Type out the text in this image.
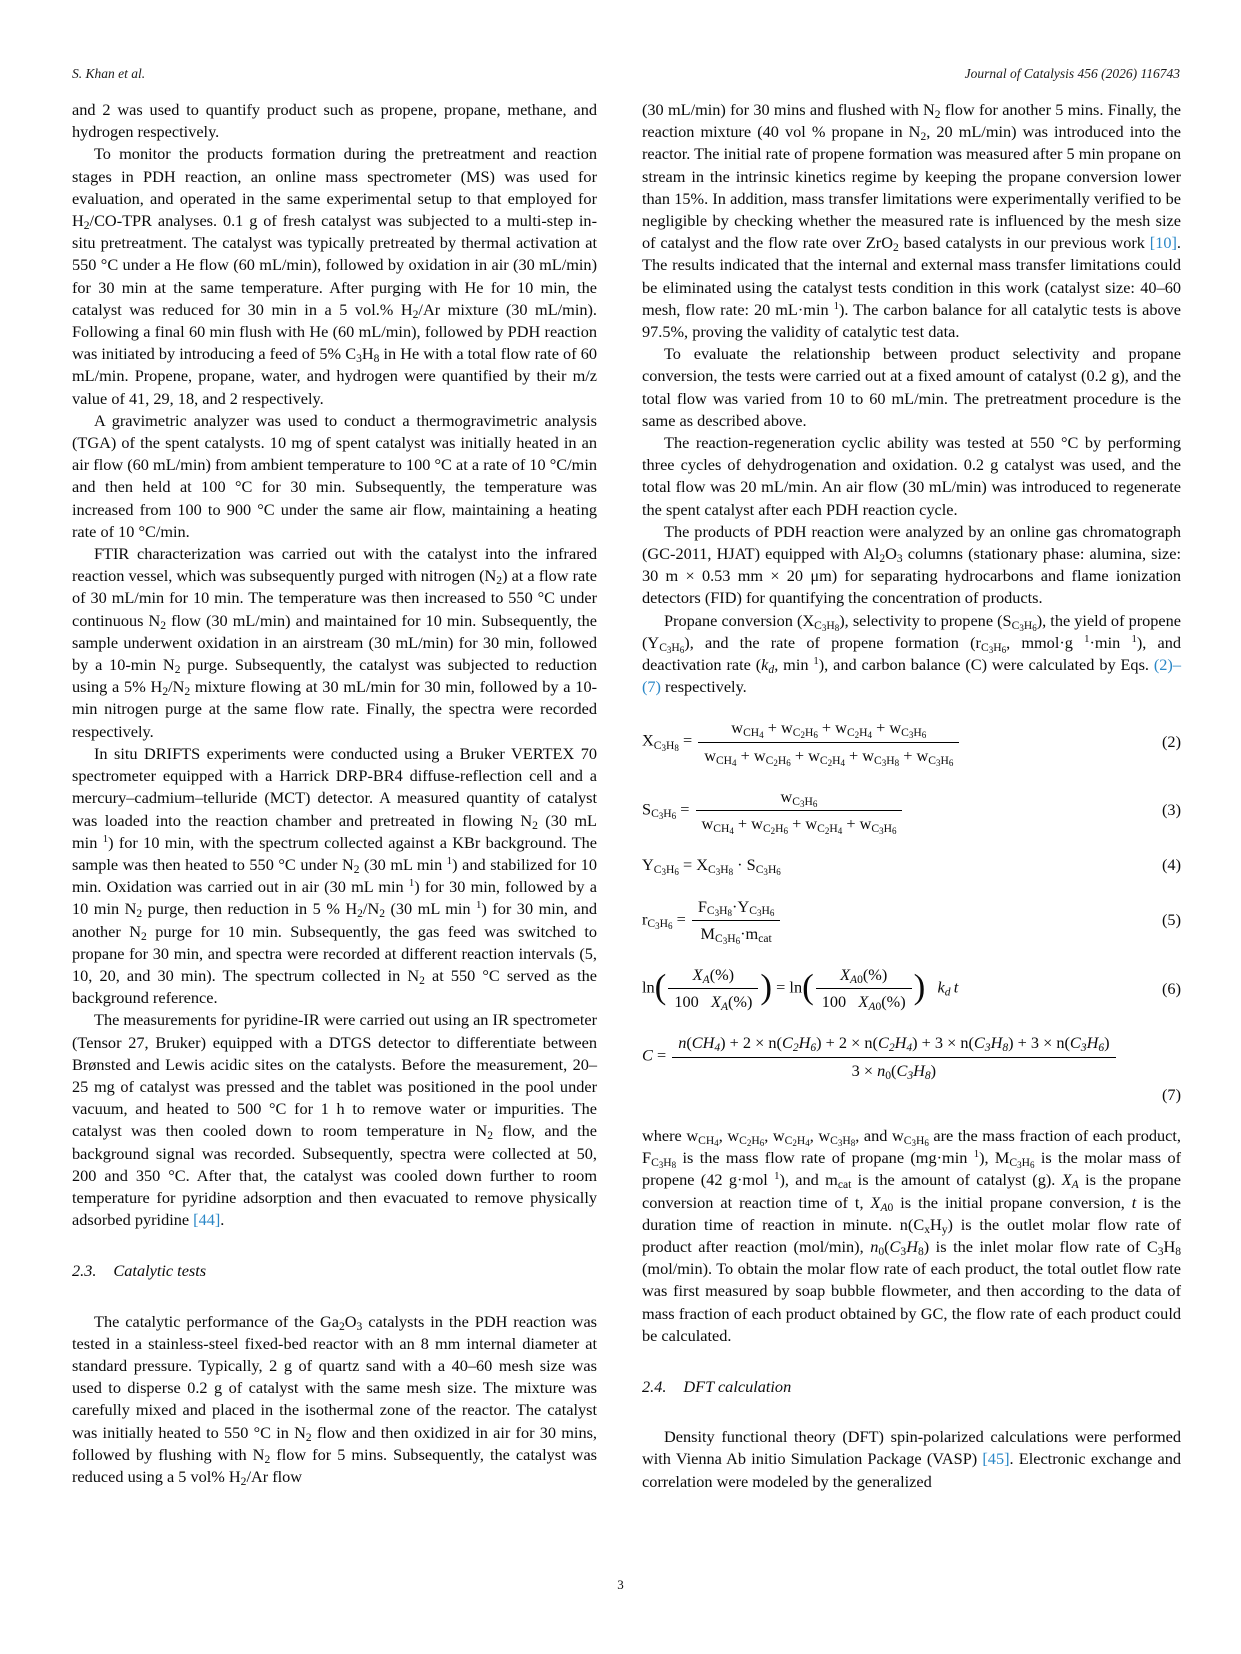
S. Khan et al.	Journal of Catalysis 456 (2026) 116743

and 2 was used to quantify product such as propene, propane, methane, and hydrogen respectively.

To monitor the products formation during the pretreatment and reaction stages in PDH reaction, an online mass spectrometer (MS) was used for evaluation, and operated in the same experimental setup to that employed for $H_2/CO$-TPR analyses. 0.1 g of fresh catalyst was subjected to a multi-step in-situ pretreatment. The catalyst was typically pretreated by thermal activation at 550 °C under a He flow (60 mL/min), followed by oxidation in air (30 mL/min) for 30 min at the same temperature. After purging with He for 10 min, the catalyst was reduced for 30 min in a 5 vol.% $H_2/Ar$ mixture (30 mL/min). Following a final 60 min flush with He (60 mL/min), followed by PDH reaction was initiated by introducing a feed of 5% $C_3H_8$ in He with a total flow rate of 60 mL/min. Propene, propane, water, and hydrogen were quantified by their m/z value of 41, 29, 18, and 2 respectively.

A gravimetric analyzer was used to conduct a thermogravimetric analysis (TGA) of the spent catalysts. 10 mg of spent catalyst was initially heated in an air flow (60 mL/min) from ambient temperature to 100 °C at a rate of 10 °C/min and then held at 100 °C for 30 min. Subsequently, the temperature was increased from 100 to 900 °C under the same air flow, maintaining a heating rate of 10 °C/min.

FTIR characterization was carried out with the catalyst into the infrared reaction vessel, which was subsequently purged with nitrogen $(N_2)$ at a flow rate of 30 mL/min for 10 min. The temperature was then increased to 550 °C under continuous $N_2$ flow (30 mL/min) and maintained for 10 min. Subsequently, the sample underwent oxidation in an airstream (30 mL/min) for 30 min, followed by a 10-min $N_2$ purge. Subsequently, the catalyst was subjected to reduction using a 5% $H_2/N_2$ mixture flowing at 30 mL/min for 30 min, followed by a 10-min nitrogen purge at the same flow rate. Finally, the spectra were recorded respectively.

In situ DRIFTS experiments were conducted using a Bruker VERTEX 70 spectrometer equipped with a Harrick DRP-BR4 diffuse-reflection cell and a mercury–cadmium–telluride (MCT) detector. A measured quantity of catalyst was loaded into the reaction chamber and pretreated in flowing $N_2$ (30 mL min $^1$) for 10 min, with the spectrum collected against a KBr background. The sample was then heated to 550 °C under $N_2$ (30 mL min $^1$) and stabilized for 10 min. Oxidation was carried out in air (30 mL min $^1$) for 30 min, followed by a 10 $\min N_2$ purge, then reduction in 5 % $H_2/N_2$ (30 mL min $^1$) for 30 min, and another $N_2$ purge for 10 min. Subsequently, the gas feed was switched to propane for 30 min, and spectra were recorded at different reaction intervals (5, 10, 20, and 30 min). The spectrum collected in $N_2$ at 550 °C served as the background reference.

The measurements for pyridine-IR were carried out using an IR spectrometer (Tensor 27, Bruker) equipped with a DTGS detector to differentiate between Brønsted and Lewis acidic sites on the catalysts. Before the measurement, 20–25 mg of catalyst was pressed and the tablet was positioned in the pool under vacuum, and heated to 500 °C for 1 h to remove water or impurities. The catalyst was then cooled down to room temperature in $N_2$ flow, and the background signal was recorded. Subsequently, spectra were collected at 50, 200 and 350 °C. After that, the catalyst was cooled down further to room temperature for pyridine adsorption and then evacuated to remove physically adsorbed pyridine [44].

2.3. Catalytic tests

The catalytic performance of the $Ga_2O_3$ catalysts in the PDH reaction was tested in a stainless-steel fixed-bed reactor with an 8 mm internal diameter at standard pressure. Typically, 2 g of quartz sand with a 40–60 mesh size was used to disperse 0.2 g of catalyst with the same mesh size. The mixture was carefully mixed and placed in the isothermal zone of the reactor. The catalyst was initially heated to 550 °C in $N_2$ flow and then oxidized in air for 30 mins, followed by flushing with $N_2$ flow for 5 mins. Subsequently, the catalyst was reduced using a 5 vol% $H_2/Ar$ flow

(30 mL/min) for 30 mins and flushed with $N_2$ flow for another 5 mins. Finally, the reaction mixture (40 vol % propane in $N_2$, 20 mL/min) was introduced into the reactor. The initial rate of propene formation was measured after 5 min propane on stream in the intrinsic kinetics regime by keeping the propane conversion lower than 15%. In addition, mass transfer limitations were experimentally verified to be negligible by checking whether the measured rate is influenced by the mesh size of catalyst and the flow rate over ZrO$_2$ based catalysts in our previous work [10]. The results indicated that the internal and external mass transfer limitations could be eliminated using the catalyst tests condition in this work (catalyst size: 40–60 mesh, flow rate: 20 mL·min $^1$). The carbon balance for all catalytic tests is above 97.5%, proving the validity of catalytic test data.

To evaluate the relationship between product selectivity and propane conversion, the tests were carried out at a fixed amount of catalyst (0.2 g), and the total flow was varied from 10 to 60 mL/min. The pretreatment procedure is the same as described above.

The reaction-regeneration cyclic ability was tested at 550 °C by performing three cycles of dehydrogenation and oxidation. 0.2 g catalyst was used, and the total flow was 20 mL/min. An air flow (30 mL/min) was introduced to regenerate the spent catalyst after each PDH reaction cycle.

The products of PDH reaction were analyzed by an online gas chromatograph (GC-2011, HJAT) equipped with $Al_2O_3$ columns (stationary phase: alumina, size: 30 m × 0.53 mm × 20 μm) for separating hydrocarbons and flame ionization detectors (FID) for quantifying the concentration of products.

Propane conversion $(X_{C_3H_8})$, selectivity to propene $(S_{C_3H_6})$, the yield of propene $(Y_{C_3H_6})$, and the rate of propene formation ($r_{C_3H_6}$, mmol·g $^1$·min $^1$), and deactivation rate ($k_d$, min $^1$), and carbon balance (C) were calculated by Eqs. (2)–(7) respectively.

$X_{C_3H_8} = \frac{w_{CH_4} + w_{C_2H_6} + w_{C_2H_4} + w_{C_3H_6}}{w_{CH_4} + w_{C_2H_6} + w_{C_2H_4} + w_{C_3H_8} + w_{C_3H_6}}$	(2)
$S_{C_3H_6} = \frac{w_{C_3H_6}}{w_{CH_4} + w_{C_2H_6} + w_{C_2H_4} + w_{C_3H_6}}$	(3)
$Y_{C_3H_6} = X_{C_3H_8} \cdot S_{C_3H_6}$	(4)
$r_{C_3H_6} = \frac{F_{C_3H_8}\cdot Y_{C_3H_6}}{M_{C_3H_6}\cdot m_{cat}}$	(5)
$\ln( \frac{X_A(\%)}{100 X_A(\%)}$ ) = $\ln( \frac{X_{A0}(\%)}{100 X_{A0}(\%)}$ ) $k_d$  t	(6)
C =
$n(CH_4) + 2 \times n(C_2H_6) + 2 \times n(C_2H_4) + 3 \times n(C_3H_8) + 3 \times n(C_3H_6)$
$3 \times n_0(C_3H_8)$
(7)

where $w_{CH_4}$, $w_{C_2H_6}$, $w_{C_2H_4}$, $w_{C_3H_8}$, and $w_{C_3H_6}$ are the mass fraction of each product, $F_{C_3H_8}$ is the mass flow rate of propane (mg·min $^1$), $M_{C_3H_6}$ is the molar mass of propene (42 g·mol $^1$), and $m_{cat}$ is the amount of catalyst (g). $X_A$ is the propane conversion at reaction time of t, $X_{A0}$ is the initial propane conversion, t is the duration time of reaction in minute. $n(C_xH_y)$ is the outlet molar flow rate of product after reaction (mol/min), $n_0(C_3H_8)$ is the inlet molar flow rate of $C_3H_8$ (mol/min). To obtain the molar flow rate of each product, the total outlet flow rate was first measured by soap bubble flowmeter, and then according to the data of mass fraction of each product obtained by GC, the flow rate of each product could be calculated.

2.4. DFT calculation

Density functional theory (DFT) spin-polarized calculations were performed with Vienna Ab initio Simulation Package (VASP) [45]. Electronic exchange and correlation were modeled by the generalized

3
